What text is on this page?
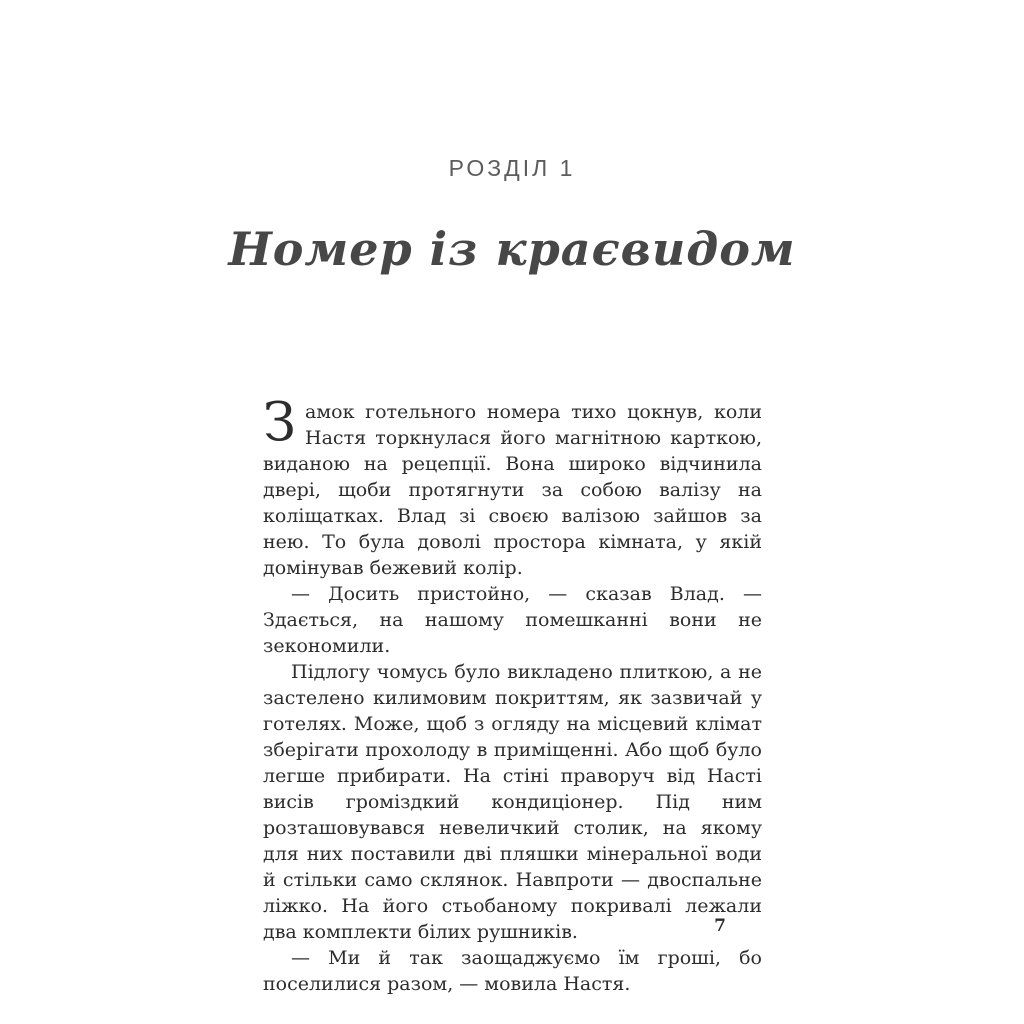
РОЗДІЛ 1
Номер із краєвидом

Замок готельного номера тихо цокнув, коли Настя торкнулася його магнітною карткою, виданою на рецепції. Вона широко відчинила двері, щоби протягнути за собою валізу на коліщатках. Влад зі своєю валізою зайшов за нею. То була доволі простора кімната, у якій домінував бежевий колір.

— Досить пристойно, — сказав Влад. — Здається, на нашому помешканні вони не зекономили.

Підлогу чомусь було викладено плиткою, а не застелено килимовим покриттям, як зазвичай у готелях. Може, щоб з огляду на місцевий клімат зберігати прохолоду в приміщенні. Або щоб було легше прибирати. На стіні праворуч від Насті висів громіздкий кондиціонер. Під ним розташовувався невеличкий столик, на якому для них поставили дві пляшки мінеральної води й стільки само склянок. Навпроти — двоспальне ліжко. На його стьобаному покривалі лежали два комплекти білих рушників.

— Ми й так заощаджуємо їм гроші, бо поселилися разом, — мовила Настя.

7
